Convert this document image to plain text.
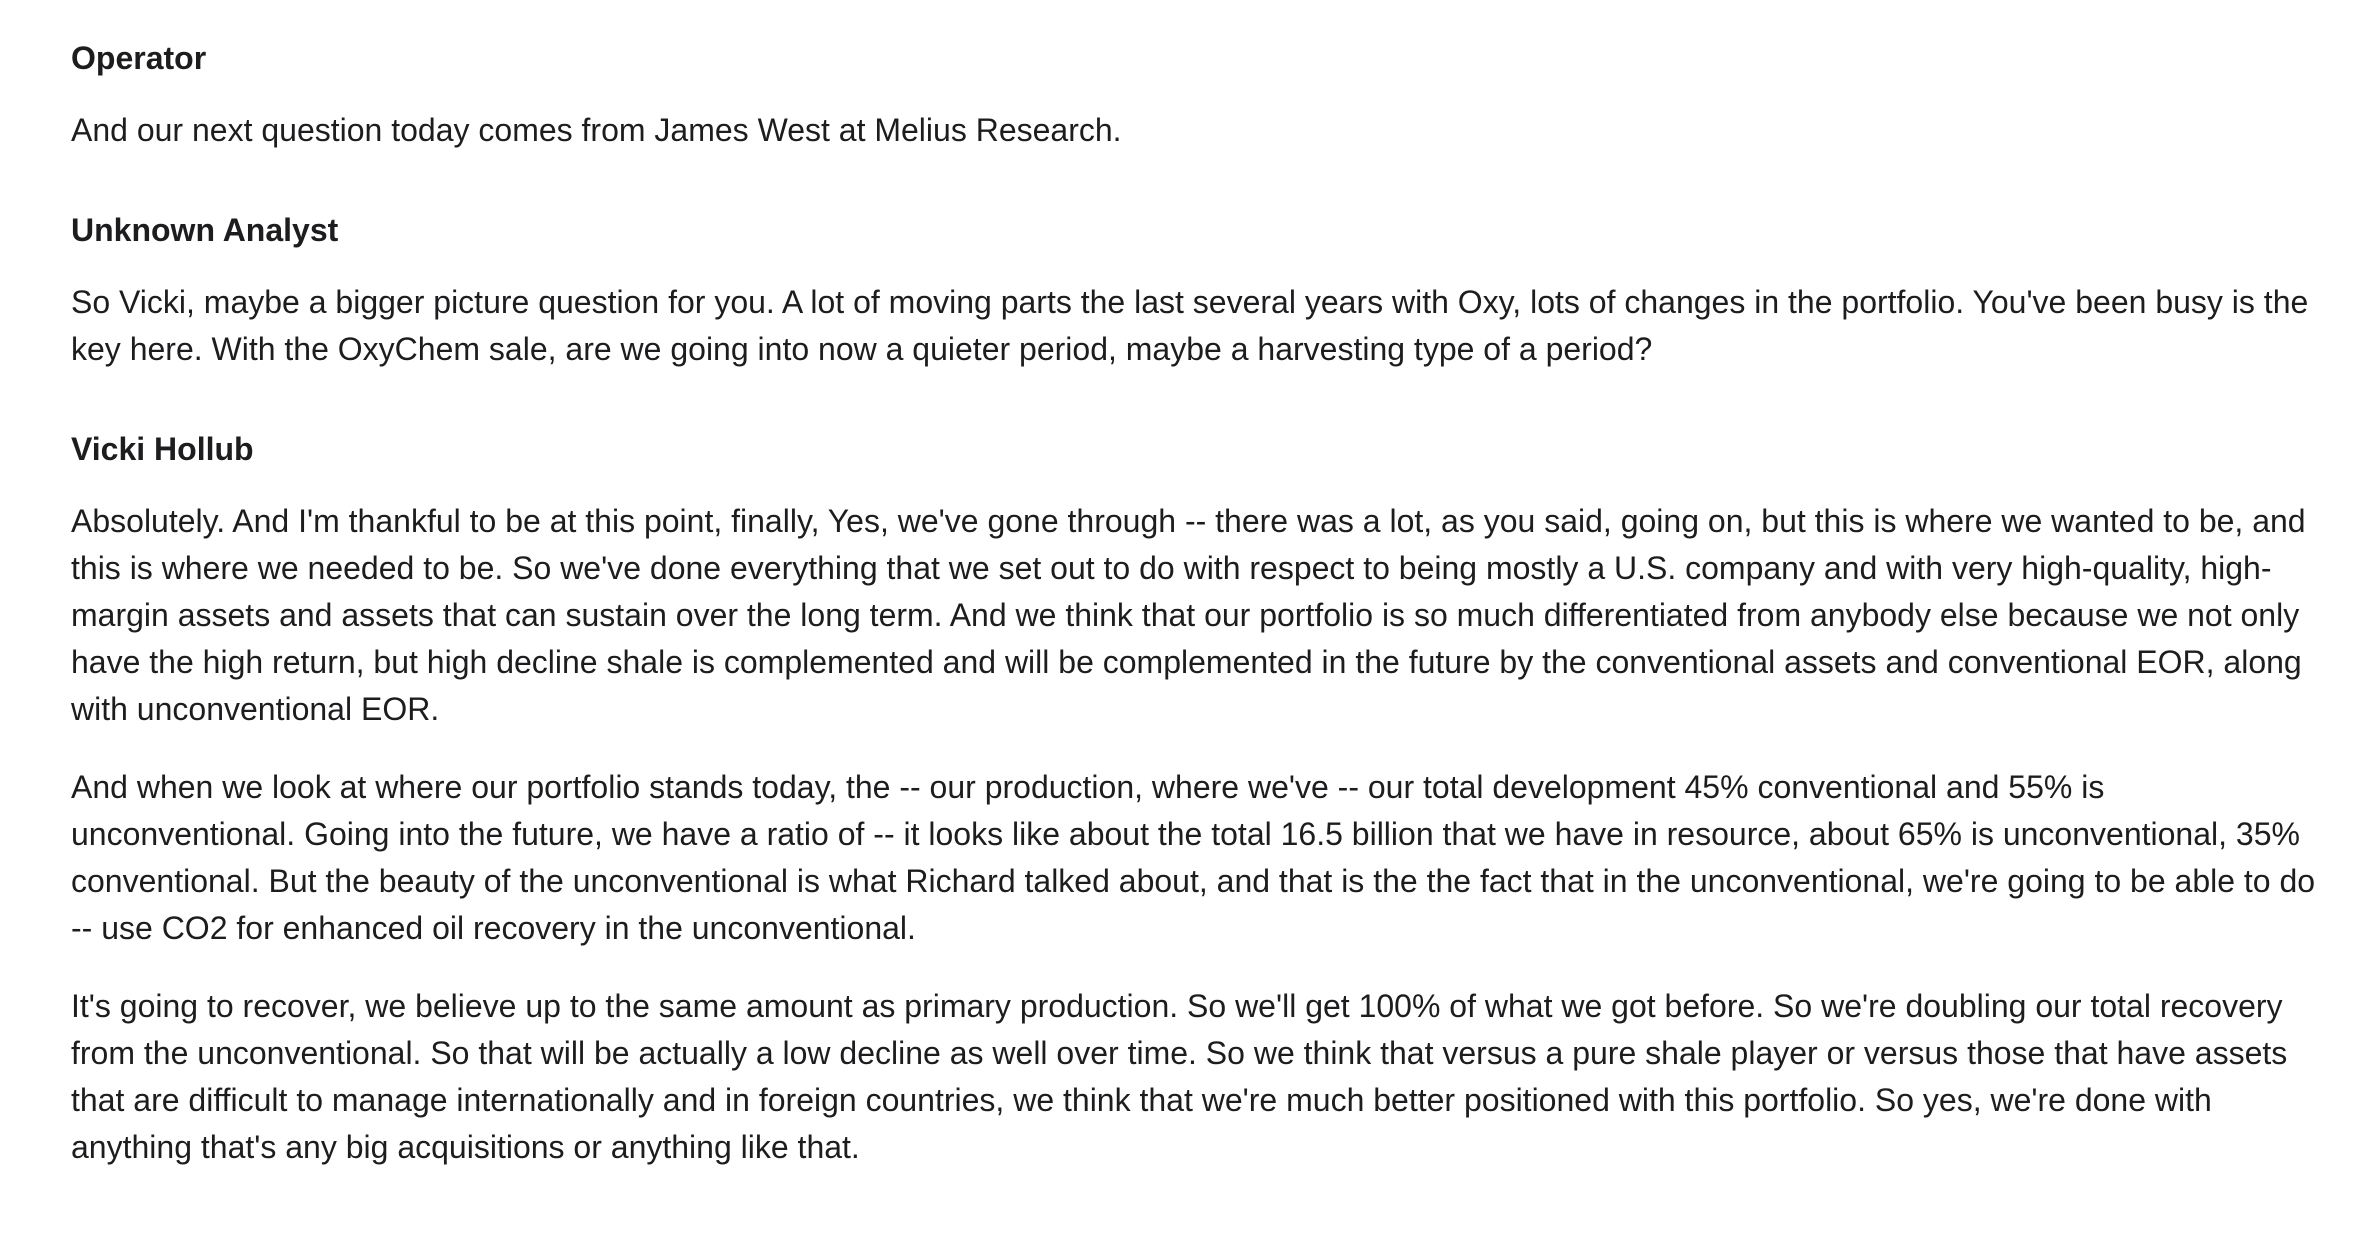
Operator

And our next question today comes from James West at Melius Research.

Unknown Analyst

So Vicki, maybe a bigger picture question for you. A lot of moving parts the last several years with Oxy, lots of changes in the portfolio. You've been busy is the key here. With the OxyChem sale, are we going into now a quieter period, maybe a harvesting type of a period?

Vicki Hollub

Absolutely. And I'm thankful to be at this point, finally, Yes, we've gone through -- there was a lot, as you said, going on, but this is where we wanted to be, and this is where we needed to be. So we've done everything that we set out to do with respect to being mostly a U.S. company and with very high-quality, high-margin assets and assets that can sustain over the long term. And we think that our portfolio is so much differentiated from anybody else because we not only have the high return, but high decline shale is complemented and will be complemented in the future by the conventional assets and conventional EOR, along with unconventional EOR.

And when we look at where our portfolio stands today, the -- our production, where we've -- our total development 45% conventional and 55% is unconventional. Going into the future, we have a ratio of -- it looks like about the total 16.5 billion that we have in resource, about 65% is unconventional, 35% conventional. But the beauty of the unconventional is what Richard talked about, and that is the the fact that in the unconventional, we're going to be able to do -- use CO2 for enhanced oil recovery in the unconventional.

It's going to recover, we believe up to the same amount as primary production. So we'll get 100% of what we got before. So we're doubling our total recovery from the unconventional. So that will be actually a low decline as well over time. So we think that versus a pure shale player or versus those that have assets that are difficult to manage internationally and in foreign countries, we think that we're much better positioned with this portfolio. So yes, we're done with anything that's any big acquisitions or anything like that.
